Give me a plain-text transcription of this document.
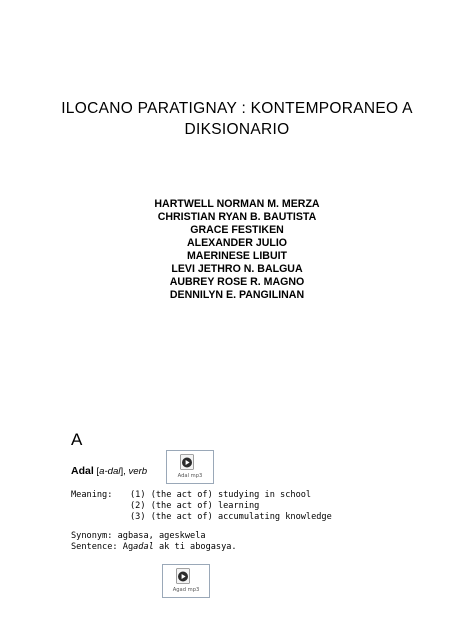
ILOCANO PARATIGNAY : KONTEMPORANEO A
DIKSIONARIO
HARTWELL NORMAN M. MERZA
CHRISTIAN RYAN B. BAUTISTA
GRACE FESTIKEN
ALEXANDER JULIO
MAERINESE LIBUIT
LEVI JETHRO N. BALGUA
AUBREY ROSE R. MAGNO
DENNILYN E. PANGILINAN
A
Adal [a-dal], verb	Adal mp3
Meaning: (1) (the act of) studying in school
(2) (the act of) learning
(3) (the act of) accumulating knowledge
Synonym: agbasa, ageskwela
Sentence: Agadal ak ti abogasya.
Agad mp3
